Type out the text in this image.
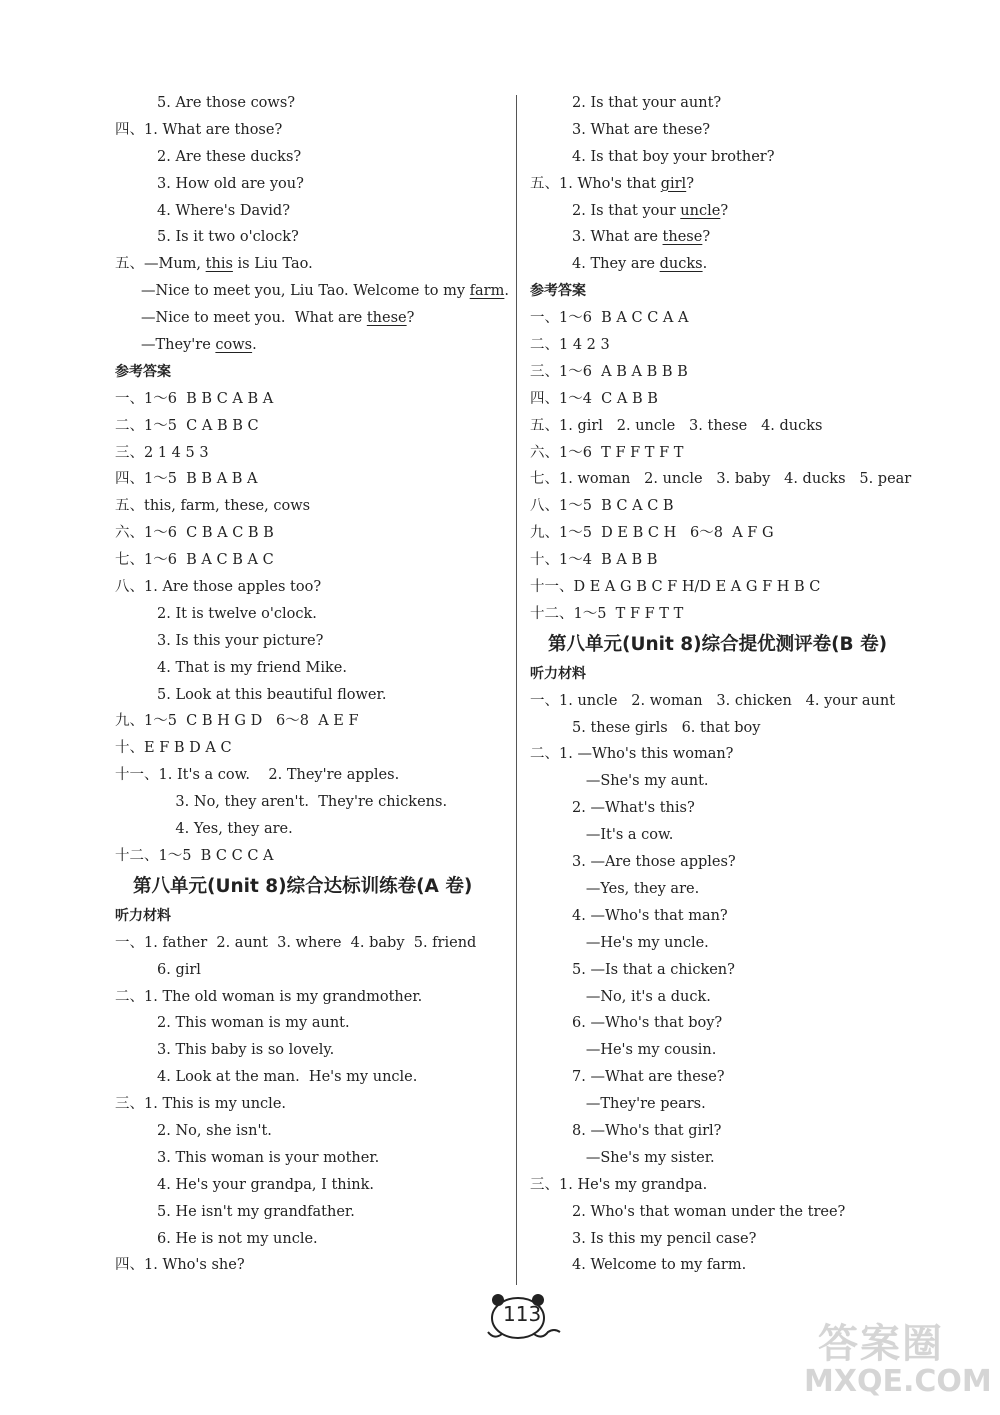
5. Are those cows?
四、1. What are those?
2. Are these ducks?
3. How old are you?
4. Where's David?
5. Is it two o'clock?
五、—Mum, this is Liu Tao.
—Nice to meet you, Liu Tao. Welcome to my farm.
—Nice to meet you.  What are these?
—They're cows.
参考答案
一、1～6  B B C A B A
二、1～5  C A B B C
三、2 1 4 5 3
四、1～5  B B A B A
五、this, farm, these, cows
六、1～6  C B A C B B
七、1～6  B A C B A C
八、1. Are those apples too?
2. It is twelve o'clock.
3. Is this your picture?
4. That is my friend Mike.
5. Look at this beautiful flower.
九、1～5  C B H G D   6～8  A E F
十、E F B D A C
十一、1. It's a cow.    2. They're apples.
3. No, they aren't.  They're chickens.
4. Yes, they are.
十二、1～5  B C C C A
第八单元(Unit 8)综合达标训练卷(A 卷)
听力材料
一、1. father  2. aunt  3. where  4. baby  5. friend
6. girl
二、1. The old woman is my grandmother.
2. This woman is my aunt.
3. This baby is so lovely.
4. Look at the man.  He's my uncle.
三、1. This is my uncle.
2. No, she isn't.
3. This woman is your mother.
4. He's your grandpa, I think.
5. He isn't my grandfather.
6. He is not my uncle.
四、1. Who's she?
2. Is that your aunt?
3. What are these?
4. Is that boy your brother?
五、1. Who's that girl?
2. Is that your uncle?
3. What are these?
4. They are ducks.
参考答案
一、1～6  B A C C A A
二、1 4 2 3
三、1～6  A B A B B B
四、1～4  C A B B
五、1. girl   2. uncle   3. these   4. ducks
六、1～6  T F F T F T
七、1. woman   2. uncle   3. baby   4. ducks   5. pear
八、1～5  B C A C B
九、1～5  D E B C H   6～8  A F G
十、1～4  B A B B
十一、D E A G B C F H/D E A G F H B C
十二、1～5  T F F T T
第八单元(Unit 8)综合提优测评卷(B 卷)
听力材料
一、1. uncle   2. woman   3. chicken   4. your aunt
5. these girls   6. that boy
二、1. —Who's this woman?
—She's my aunt.
2. —What's this?
—It's a cow.
3. —Are those apples?
—Yes, they are.
4. —Who's that man?
—He's my uncle.
5. —Is that a chicken?
—No, it's a duck.
6. —Who's that boy?
—He's my cousin.
7. —What are these?
—They're pears.
8. —Who's that girl?
—She's my sister.
三、1. He's my grandpa.
2. Who's that woman under the tree?
3. Is this my pencil case?
4. Welcome to my farm.
113
答案圈
MXQE.COM
